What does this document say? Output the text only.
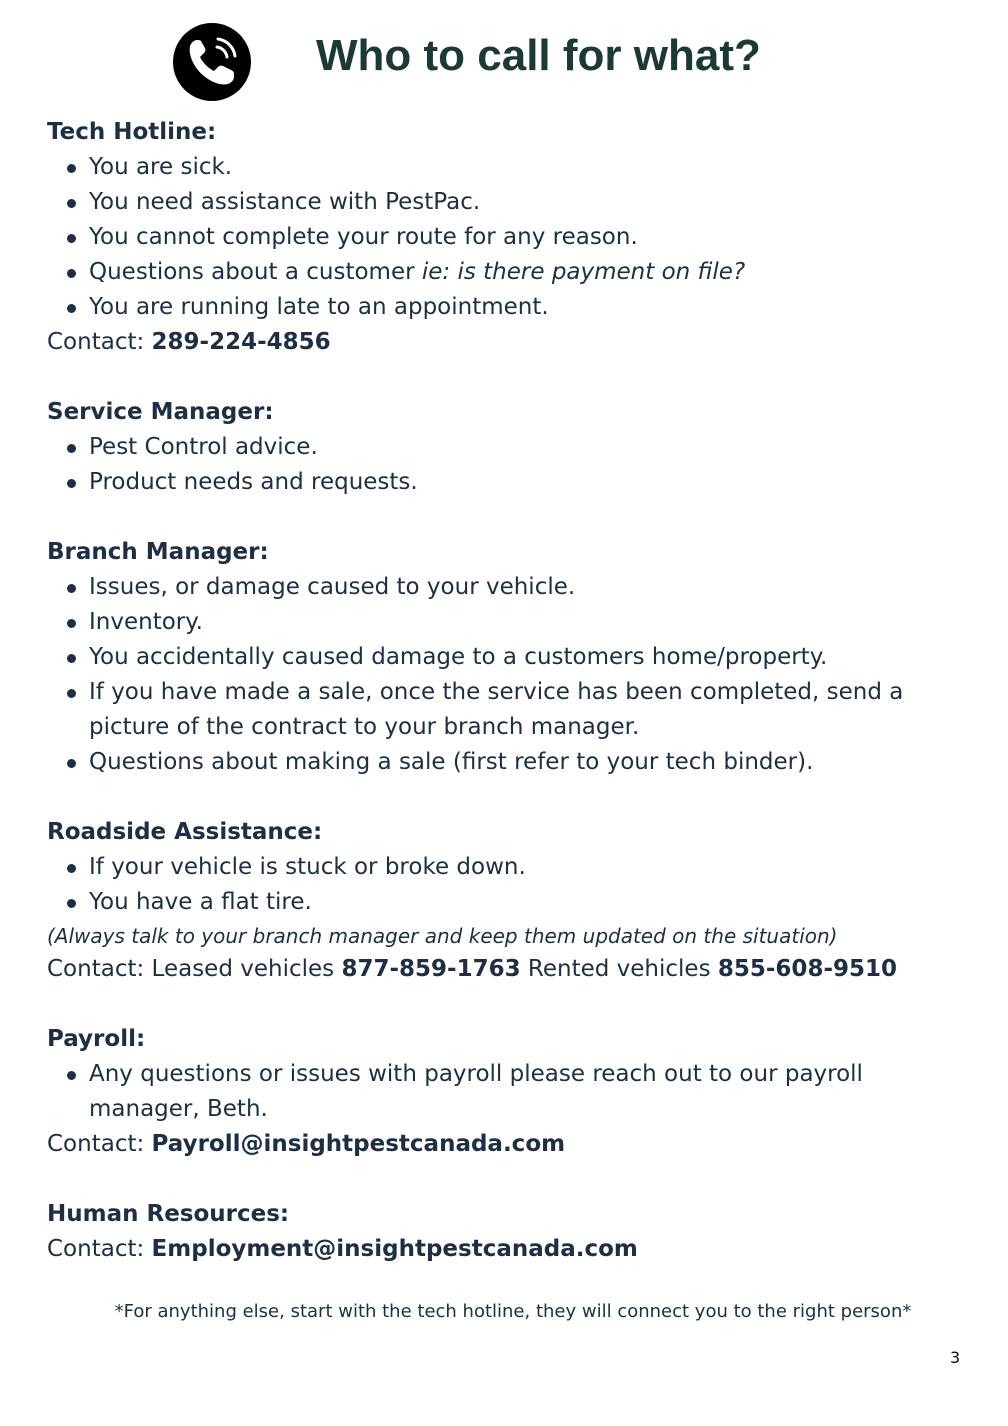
Who to call for what?

Tech Hotline:

You are sick.
You need assistance with PestPac.
You cannot complete your route for any reason.
Questions about a customer ie: is there payment on file?
You are running late to an appointment.

Contact: 289-224-4856

Service Manager:

Pest Control advice.
Product needs and requests.

Branch Manager:

Issues, or damage caused to your vehicle.
Inventory.
You accidentally caused damage to a customers home/property.
If you have made a sale, once the service has been completed, send a picture of the contract to your branch manager.
Questions about making a sale (first refer to your tech binder).

Roadside Assistance:

If your vehicle is stuck or broke down.
You have a flat tire.

(Always talk to your branch manager and keep them updated on the situation)

Contact: Leased vehicles 877-859-1763 Rented vehicles 855-608-9510

Payroll:

Any questions or issues with payroll please reach out to our payroll manager, Beth.

Contact: Payroll@insightpestcanada.com

Human Resources:

Contact: Employment@insightpestcanada.com

*For anything else, start with the tech hotline, they will connect you to the right person*
3
